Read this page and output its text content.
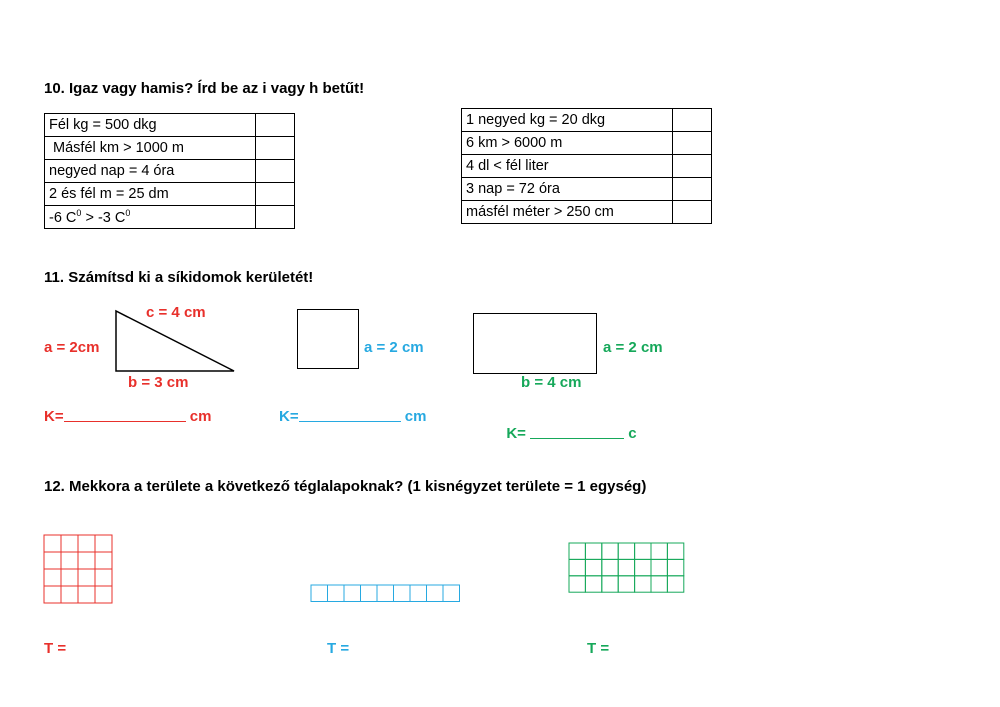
10. Igaz vagy hamis? Írd be az i vagy h betűt!
Fél kg = 500 dkg	

Másfél km > 1000 m	

negyed nap = 4 óra	

2 és fél m = 25 dm	

-6 $C^0 > -3$ $C^0$	
1 negyed kg = 20 dkg	

6 km > 6000 m	

4 dl < fél liter	

3 nap = 72 óra	

másfél méter > 250 cm	
11. Számítsd ki a síkidomok kerületét!
c = 4 cm
a = 2cm
b = 3 cm
a = 2 cm	a = 2 cm
b = 4 cm
K=	cm	K=	cm

K=	c

12. Mekkora a területe a következő téglalapoknak? (1 kisnégyzet területe = 1 egység)
T =	T =	T =
